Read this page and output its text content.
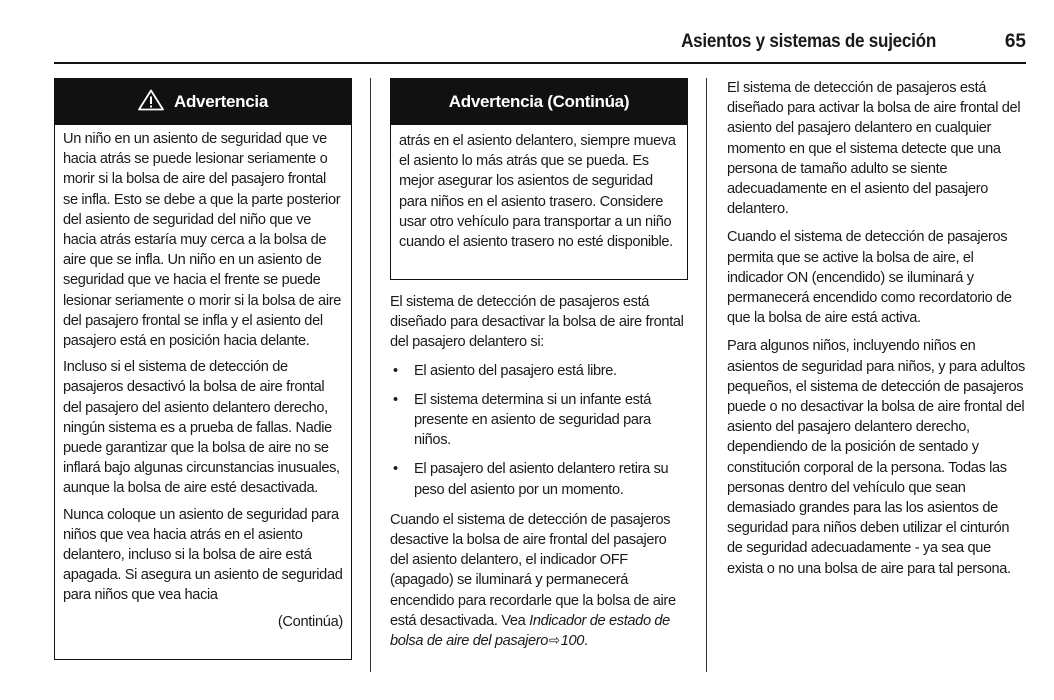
Asientos y sistemas de sujeción	65
Advertencia

Un niño en un asiento de seguridad que ve hacia atrás se puede lesionar seriamente o morir si la bolsa de aire del pasajero frontal se infla. Esto se debe a que la parte posterior del asiento de seguridad del niño que ve hacia atrás estaría muy cerca a la bolsa de aire que se infla. Un niño en un asiento de seguridad que ve hacia el frente se puede lesionar seriamente o morir si la bolsa de aire del pasajero frontal se infla y el asiento del pasajero está en posición hacia delante.

Incluso si el sistema de detección de pasajeros desactivó la bolsa de aire frontal del pasajero del asiento delantero derecho, ningún sistema es a prueba de fallas. Nadie puede garantizar que la bolsa de aire no se inflará bajo algunas circunstancias inusuales, aunque la bolsa de aire esté desactivada.

Nunca coloque un asiento de seguridad para niños que vea hacia atrás en el asiento delantero, incluso si la bolsa de aire está apagada. Si asegura un asiento de seguridad para niños que vea hacia

(Continúa)
Advertencia (Continúa)

atrás en el asiento delantero, siempre mueva el asiento lo más atrás que se pueda. Es mejor asegurar los asientos de seguridad para niños en el asiento trasero. Considere usar otro vehículo para transportar a un niño cuando el asiento trasero no esté disponible.

El sistema de detección de pasajeros está diseñado para desactivar la bolsa de aire frontal del pasajero delantero si:

• El asiento del pasajero está libre.
• El sistema determina si un infante está presente en asiento de seguridad para niños.
• El pasajero del asiento delantero retira su peso del asiento por un momento.

Cuando el sistema de detección de pasajeros desactive la bolsa de aire frontal del pasajero del asiento delantero, el indicador OFF (apagado) se iluminará y permanecerá encendido para recordarle que la bolsa de aire está desactivada. Vea Indicador de estado de bolsa de aire del pasajero⇨100.

El sistema de detección de pasajeros está diseñado para activar la bolsa de aire frontal del asiento del pasajero delantero en cualquier momento en que el sistema detecte que una persona de tamaño adulto se siente adecuadamente en el asiento del pasajero delantero.

Cuando el sistema de detección de pasajeros permita que se active la bolsa de aire, el indicador ON (encendido) se iluminará y permanecerá encendido como recordatorio de que la bolsa de aire está activa.

Para algunos niños, incluyendo niños en asientos de seguridad para niños, y para adultos pequeños, el sistema de detección de pasajeros puede o no desactivar la bolsa de aire frontal del asiento del pasajero delantero derecho, dependiendo de la posición de sentado y constitución corporal de la persona. Todas las personas dentro del vehículo que sean demasiado grandes para las los asientos de seguridad para niños deben utilizar el cinturón de seguridad adecuadamente - ya sea que exista o no una bolsa de aire para tal persona.
